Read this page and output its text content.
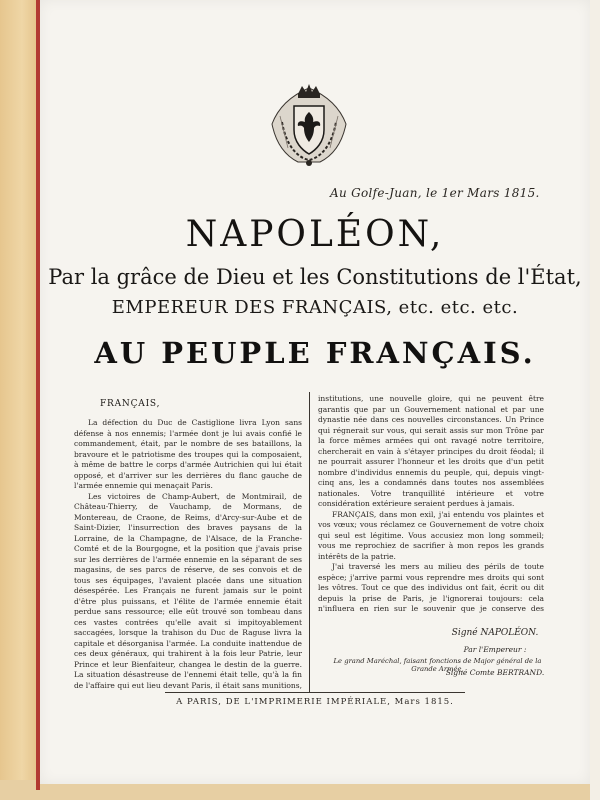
Au Golfe-Juan, le 1er Mars 1815.
NAPOLÉON,
Par la grâce de Dieu et les Constitutions de l'État,
EMPEREUR DES FRANÇAIS, etc. etc. etc.
AU PEUPLE FRANÇAIS.
FRANÇAIS,

La défection du Duc de Castiglione livra Lyon sans défense à nos ennemis; l'armée dont je lui avais confié le commandement, était, par le nombre de ses bataillons, la bravoure et le patriotisme des troupes qui la composaient, à même de battre le corps d'armée Autrichien qui lui était opposé, et d'arriver sur les derrières du flanc gauche de l'armée ennemie qui menaçait Paris.

Les victoires de Champ-Aubert, de Montmirail, de Château-Thierry, de Vauchamp, de Mormans, de Montereau, de Craone, de Reims, d'Arcy-sur-Aube et de Saint-Dizier, l'insurrection des braves paysans de la Lorraine, de la Champagne, de l'Alsace, de la Franche-Comté et de la Bourgogne, et la position que j'avais prise sur les derrières de l'armée ennemie en la séparant de ses magasins, de ses parcs de réserve, de ses convois et de tous ses équipages, l'avaient placée dans une situation désespérée. Les Français ne furent jamais sur le point d'être plus puissans, et l'élite de l'armée ennemie était perdue sans ressource; elle eût trouvé son tombeau dans ces vastes contrées qu'elle avait si impitoyablement saccagées, lorsque la trahison du Duc de Raguse livra la capitale et désorganisa l'armée. La conduite inattendue de ces deux généraux, qui trahirent à la fois leur Patrie, leur Prince et leur Bienfaiteur, changea le destin de la guerre. La situation désastreuse de l'ennemi était telle, qu'à la fin de l'affaire qui eut lieu devant Paris, il était sans munitions,

institutions, une nouvelle gloire, qui ne peuvent être garantis que par un Gouvernement national et par une dynastie née dans ces nouvelles circonstances. Un Prince qui régnerait sur vous, qui serait assis sur mon Trône par la force mêmes armées qui ont ravagé notre territoire, chercherait en vain à s'étayer principes du droit féodal; il ne pourrait assurer l'honneur et les droits que d'un petit nombre d'individus ennemis du peuple, qui, depuis vingt-cinq ans, les a condamnés dans toutes nos assemblées nationales. Votre tranquillité intérieure et votre considération extérieure seraient perdues à jamais.

FRANÇAIS, dans mon exil, j'ai entendu vos plaintes et vos vœux; vous réclamez ce Gouvernement de votre choix qui seul est légitime. Vous accusiez mon long sommeil; vous me reprochiez de sacrifier à mon repos les grands intérêts de la patrie.

J'ai traversé les mers au milieu des périls de toute espèce; j'arrive parmi vous reprendre mes droits qui sont les vôtres. Tout ce que des individus ont fait, écrit ou dit depuis la prise de Paris, je l'ignorerai toujours: cela n'influera en rien sur le souvenir que je conserve des

Signé NAPOLÉON.
Par l'Empereur :
Le grand Maréchal, faisant fonctions de Major général de la Grande Armée,
Signé Comte BERTRAND.
A PARIS, DE L'IMPRIMERIE IMPÉRIALE, Mars 1815.
